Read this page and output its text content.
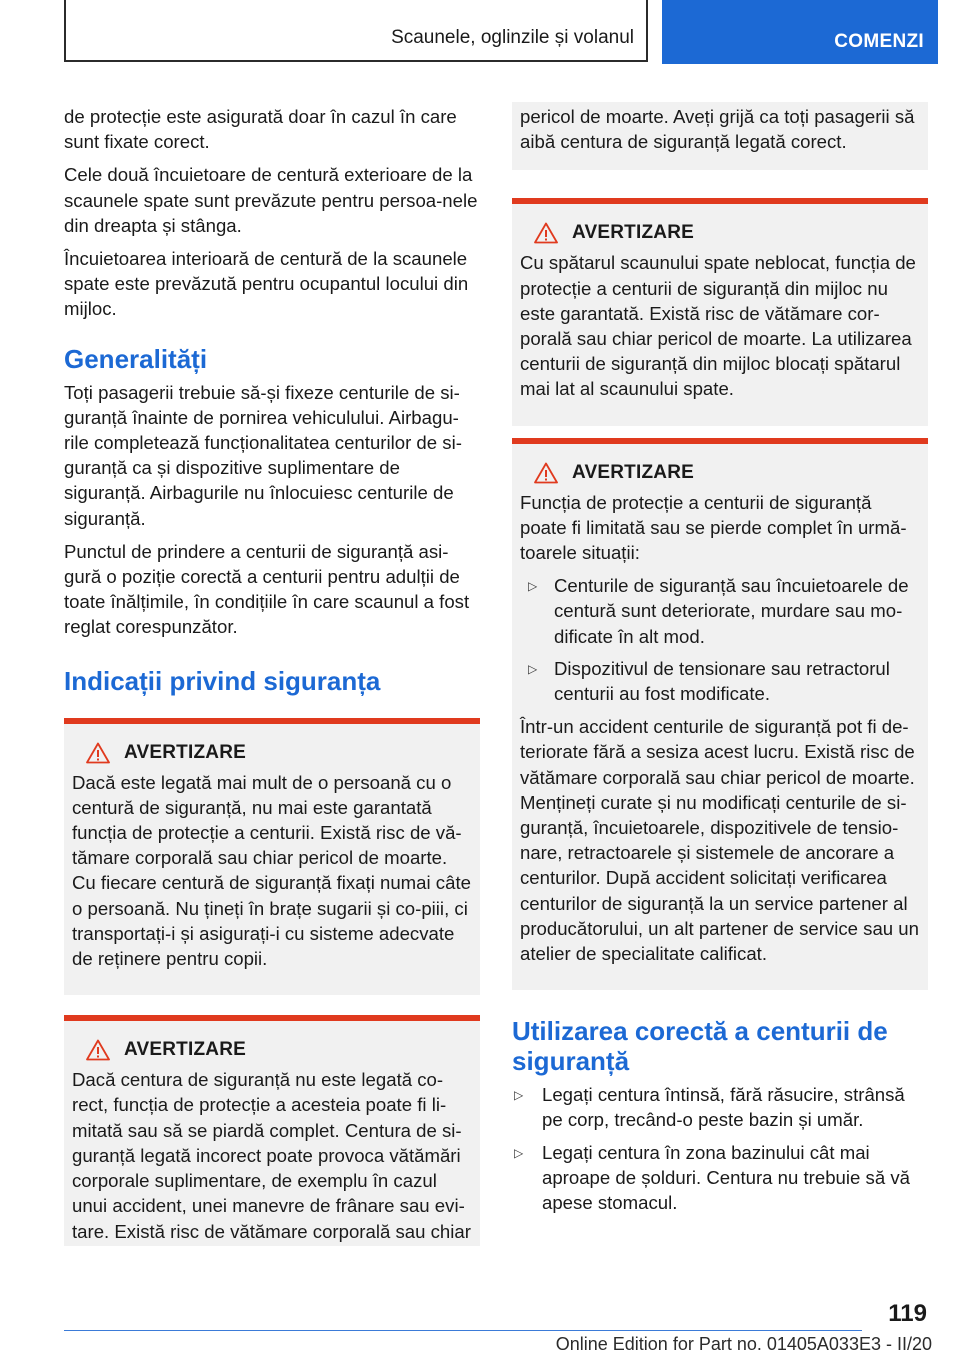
Scaunele, oglinzile și volanul	COMENZI

de protecție este asigurată doar în cazul în care sunt fixate corect.

Cele două încuietoare de centură exterioare de la scaunele spate sunt prevăzute pentru persoa-nele din dreapta și stânga.

Încuietoarea interioară de centură de la scaunele spate este prevăzută pentru ocupantul locului din mijloc.

Generalități

Toți pasagerii trebuie să-și fixeze centurile de si-guranță înainte de pornirea vehiculului. Airbagu-rile completează funcționalitatea centurilor de si-guranță ca și dispozitive suplimentare de siguranță. Airbagurile nu înlocuiesc centurile de siguranță.

Punctul de prindere a centurii de siguranță asi-gură o poziție corectă a centurii pentru adulții de toate înălțimile, în condițiile în care scaunul a fost reglat corespunzător.

Indicații privind siguranța
AVERTIZARE

Dacă este legată mai mult de o persoană cu o centură de siguranță, nu mai este garantată funcția de protecție a centurii. Există risc de vă-tămare corporală sau chiar pericol de moarte. Cu fiecare centură de siguranță fixați numai câte o persoană. Nu țineți în brațe sugarii și co-piii, ci transportați-i și asigurați-i cu sisteme adecvate de reținere pentru copii.

AVERTIZARE

Dacă centura de siguranță nu este legată co-rect, funcția de protecție a acesteia poate fi li-mitată sau să se piardă complet. Centura de si-guranță legată incorect poate provoca vătămări corporale suplimentare, de exemplu în cazul unui accident, unei manevre de frânare sau evi-tare. Există risc de vătămare corporală sau chiar

pericol de moarte. Aveți grijă ca toți pasagerii să aibă centura de siguranță legată corect.

AVERTIZARE

Cu spătarul scaunului spate neblocat, funcția de protecție a centurii de siguranță din mijloc nu este garantată. Există risc de vătămare cor-porală sau chiar pericol de moarte. La utilizarea centurii de siguranță din mijloc blocați spătarul mai lat al scaunului spate.

AVERTIZARE

Funcția de protecție a centurii de siguranță poate fi limitată sau se pierde complet în urmă-toarele situații:

▷ Centurile de siguranță sau încuietoarele de centură sunt deteriorate, murdare sau mo-dificate în alt mod.
▷ Dispozitivul de tensionare sau retractorul centurii au fost modificate.

Într-un accident centurile de siguranță pot fi de-teriorate fără a sesiza acest lucru. Există risc de vătămare corporală sau chiar pericol de moarte. Mențineți curate și nu modificați centurile de si-guranță, încuietoarele, dispozitivele de tensio-nare, retractoarele și sistemele de ancorare a centurilor. După accident solicitați verificarea centurilor de siguranță la un service partener al producătorului, un alt partener de service sau un atelier de specialitate calificat.

Utilizarea corectă a centurii de siguranță
▷ Legați centura întinsă, fără răsucire, strânsă pe corp, trecând-o peste bazin și umăr.
▷ Legați centura în zona bazinului cât mai aproape de șolduri. Centura nu trebuie să vă apese stomacul.
119
Online Edition for Part no. 01405A033E3 - II/20
